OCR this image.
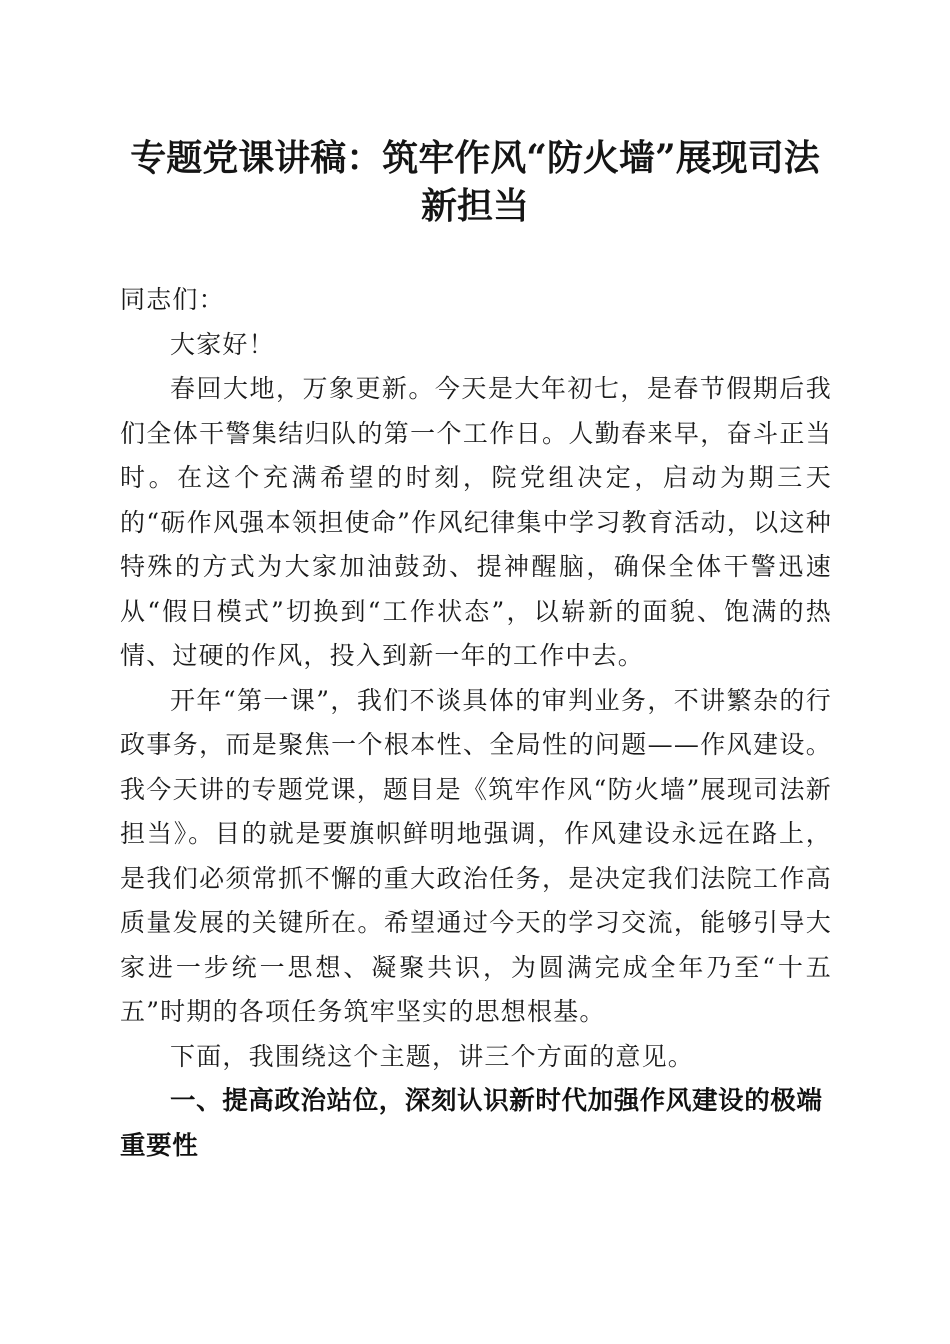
专题党课讲稿：筑牢作风“防火墙”展现司法
新担当

同志们：

大家好！

春回大地，万象更新。今天是大年初七，是春节假期后我们全体干警集结归队的第一个工作日。人勤春来早，奋斗正当时。在这个充满希望的时刻，院党组决定，启动为期三天的“砺作风强本领担使命”作风纪律集中学习教育活动，以这种特殊的方式为大家加油鼓劲、提神醒脑，确保全体干警迅速从“假日模式”切换到“工作状态”，以崭新的面貌、饱满的热情、过硬的作风，投入到新一年的工作中去。

开年“第一课”，我们不谈具体的审判业务，不讲繁杂的行政事务，而是聚焦一个根本性、全局性的问题——作风建设。我今天讲的专题党课，题目是《筑牢作风“防火墙”展现司法新担当》。目的就是要旗帜鲜明地强调，作风建设永远在路上，是我们必须常抓不懈的重大政治任务，是决定我们法院工作高质量发展的关键所在。希望通过今天的学习交流，能够引导大家进一步统一思想、凝聚共识，为圆满完成全年乃至“十五五”时期的各项任务筑牢坚实的思想根基。

下面，我围绕这个主题，讲三个方面的意见。

一、提高政治站位，深刻认识新时代加强作风建设的极端重要性
